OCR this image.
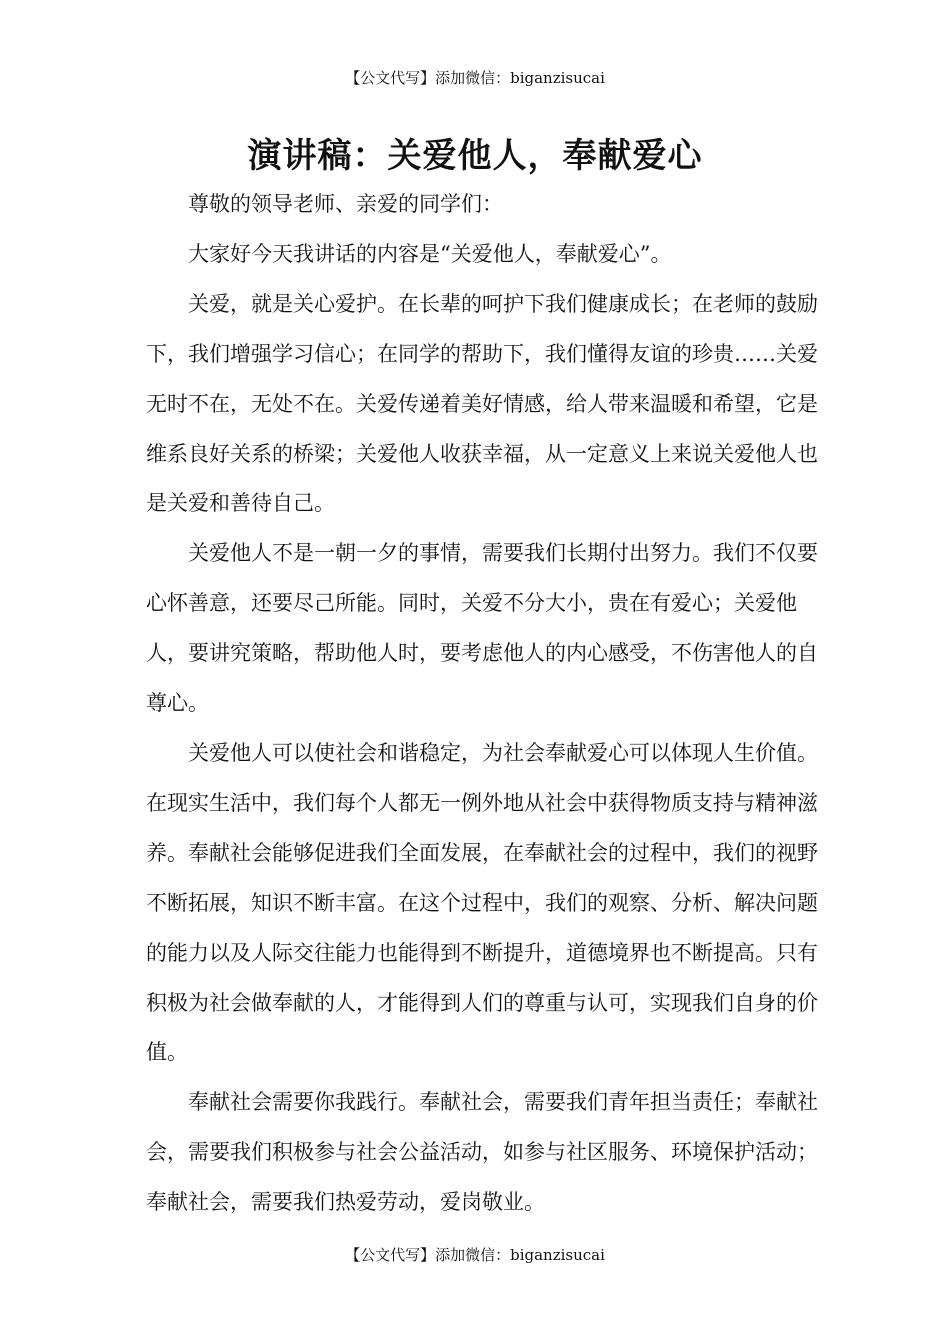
【公文代写】添加微信：biganzisucai
演讲稿：关爱他人，奉献爱心

尊敬的领导老师、亲爱的同学们：

大家好今天我讲话的内容是“关爱他人，奉献爱心”。

关爱，就是关心爱护。在长辈的呵护下我们健康成长；在老师的鼓励下，我们增强学习信心；在同学的帮助下，我们懂得友谊的珍贵……关爱无时不在，无处不在。关爱传递着美好情感，给人带来温暖和希望，它是维系良好关系的桥梁；关爱他人收获幸福，从一定意义上来说关爱他人也是关爱和善待自己。

关爱他人不是一朝一夕的事情，需要我们长期付出努力。我们不仅要心怀善意，还要尽己所能。同时，关爱不分大小，贵在有爱心；关爱他人，要讲究策略，帮助他人时，要考虑他人的内心感受，不伤害他人的自尊心。

关爱他人可以使社会和谐稳定，为社会奉献爱心可以体现人生价值。在现实生活中，我们每个人都无一例外地从社会中获得物质支持与精神滋养。奉献社会能够促进我们全面发展，在奉献社会的过程中，我们的视野不断拓展，知识不断丰富。在这个过程中，我们的观察、分析、解决问题的能力以及人际交往能力也能得到不断提升，道德境界也不断提高。只有积极为社会做奉献的人，才能得到人们的尊重与认可，实现我们自身的价值。

奉献社会需要你我践行。奉献社会，需要我们青年担当责任；奉献社会，需要我们积极参与社会公益活动，如参与社区服务、环境保护活动；奉献社会，需要我们热爱劳动，爱岗敬业。

【公文代写】添加微信：biganzisucai
